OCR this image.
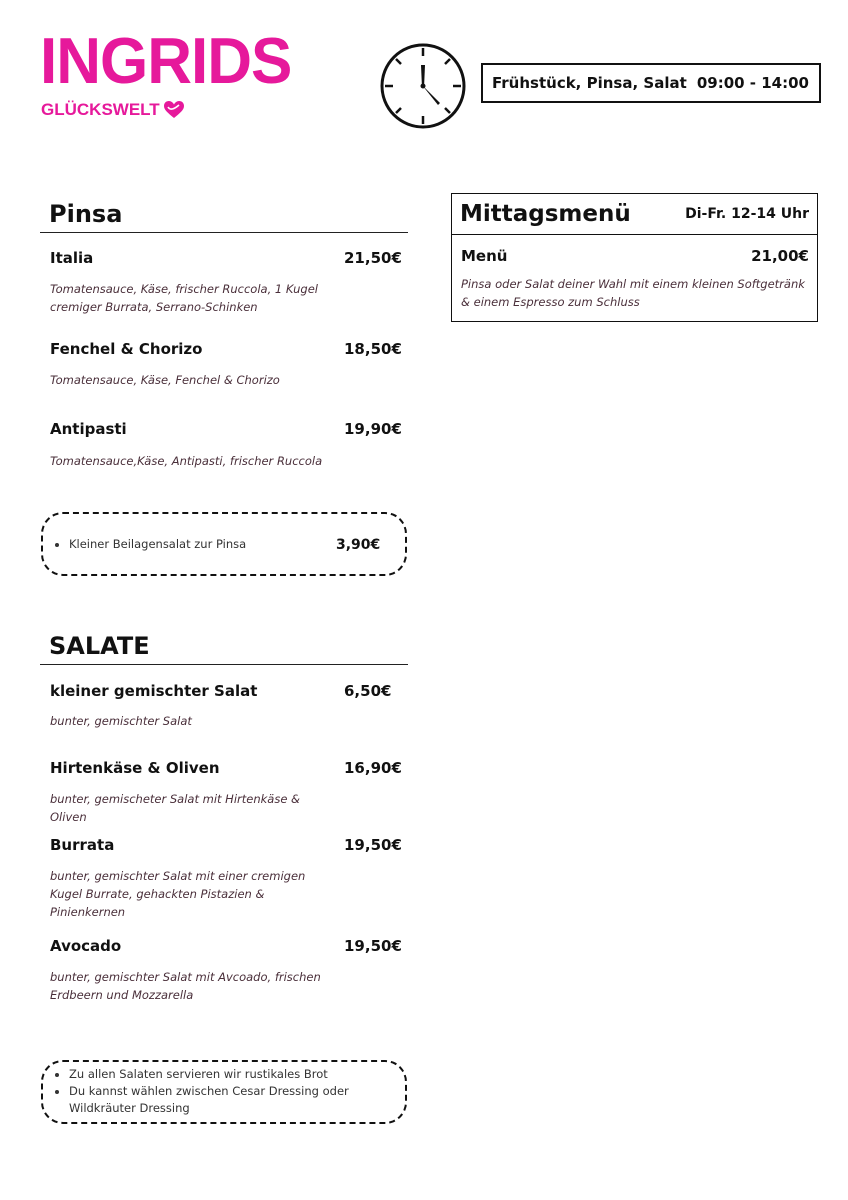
INGRIDS
GLÜCKSWELT
Frühstück, Pinsa, Salat 09:00 - 14:00
Pinsa
Italia	21,50€
Tomatensauce, Käse, frischer Ruccola, 1 Kugel cremiger Burrata, Serrano-Schinken
Fenchel & Chorizo	18,50€
Tomatensauce, Käse, Fenchel & Chorizo
Antipasti	19,90€
Tomatensauce,Käse, Antipasti, frischer Ruccola
• Kleiner Beilagensalat zur Pinsa	3,90€
SALATE
kleiner gemischter Salat	6,50€
bunter, gemischter Salat
Hirtenkäse & Oliven	16,90€
bunter, gemischeter Salat mit Hirtenkäse & Oliven
Burrata	19,50€
bunter, gemischter Salat mit einer cremigen Kugel Burrate, gehackten Pistazien & Pinienkernen
Avocado	19,50€
bunter, gemischter Salat mit Avcoado, frischen Erdbeern und Mozzarella
• Zu allen Salaten servieren wir rustikales Brot
• Du kannst wählen zwischen Cesar Dressing oder Wildkräuter Dressing
Mittagsmenü	Di-Fr. 12-14 Uhr
Menü	21,00€
Pinsa oder Salat deiner Wahl mit einem kleinen Softgetränk & einem Espresso zum Schluss
